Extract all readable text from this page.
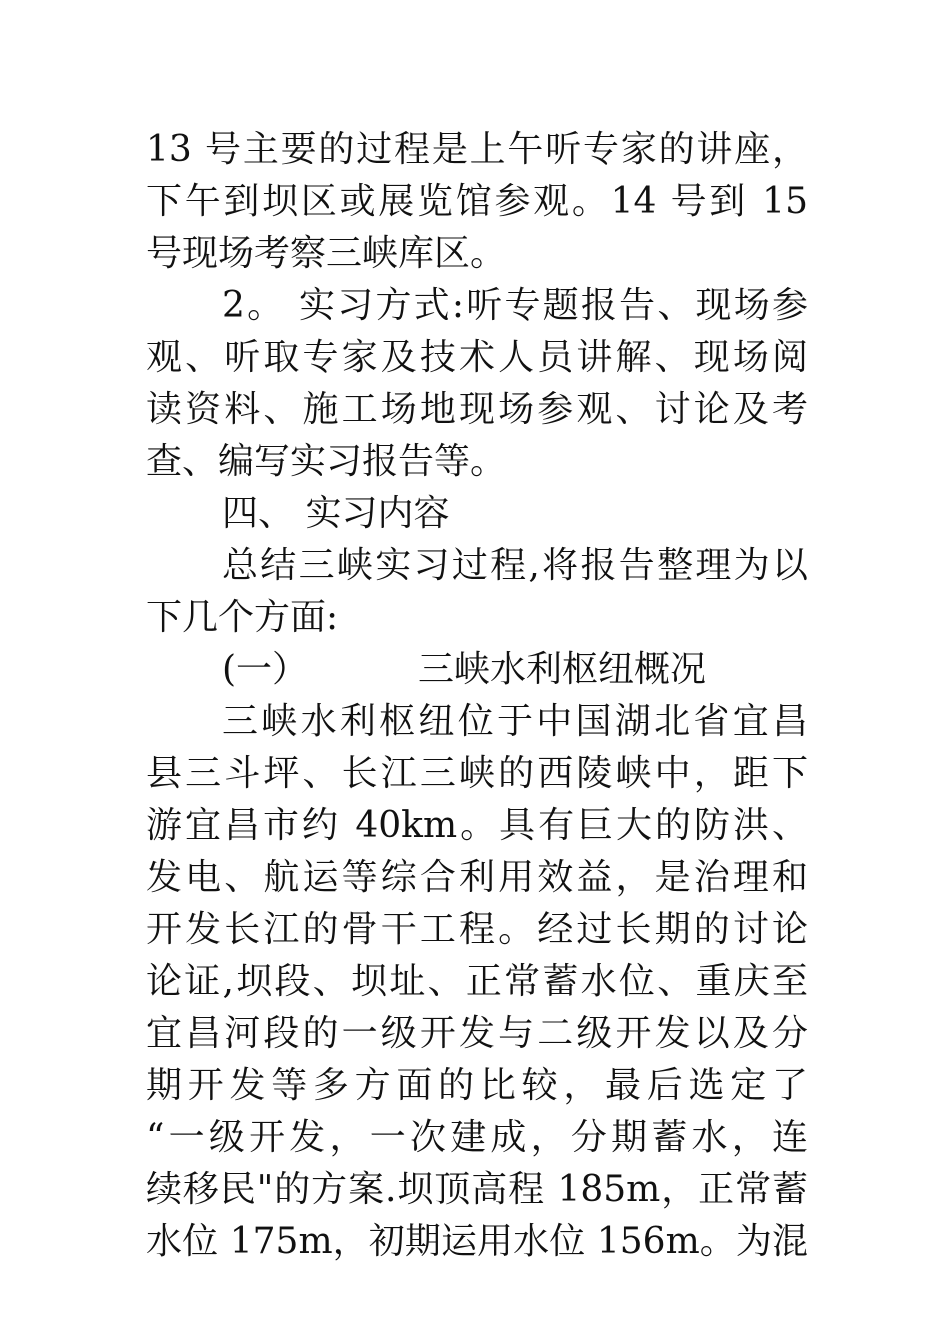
13 号主要的过程是上午听专家的讲座，
下午到坝区或展览馆参观。14 号到 15
号现场考察三峡库区。
2。 实习方式:听专题报告、现场参
观、听取专家及技术人员讲解、现场阅
读资料、施工场地现场参观、讨论及考
查、编写实习报告等。
四、 实习内容
总结三峡实习过程,将报告整理为以
下几个方面:
(一）	三峡水利枢纽概况
三峡水利枢纽位于中国湖北省宜昌
县三斗坪、长江三峡的西陵峡中，距下
游宜昌市约 40km。具有巨大的防洪、
发电、航运等综合利用效益，是治理和
开发长江的骨干工程。经过长期的讨论
论证,坝段、坝址、正常蓄水位、重庆至
宜昌河段的一级开发与二级开发以及分
期开发等多方面的比较，最后选定了
“一级开发，一次建成，分期蓄水，连
续移民"的方案.坝顶高程 185m，正常蓄
水位 175m，初期运用水位 156m。为混
